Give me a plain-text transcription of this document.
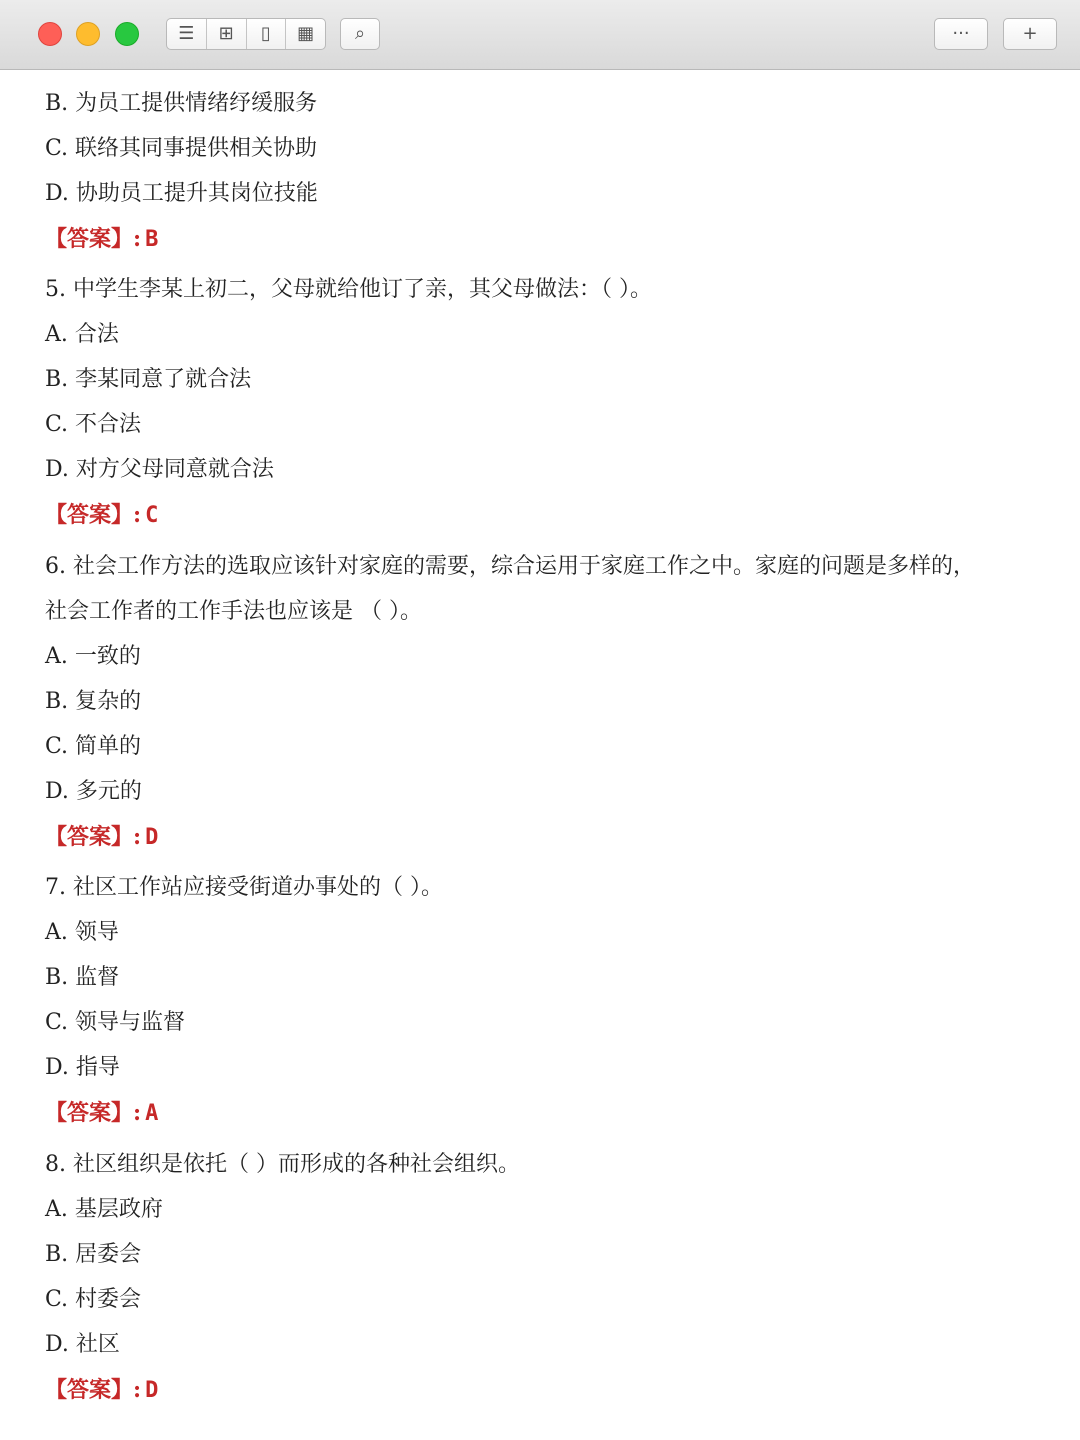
☰ ⊞ ▯ ▦ ⌕	···	+
B. 为员工提供情绪纾缓服务
C. 联络其同事提供相关协助
D. 协助员工提升其岗位技能
【答案】: B
5. 中学生李某上初二，父母就给他订了亲，其父母做法：（ ）。
A. 合法
B. 李某同意了就合法
C. 不合法
D. 对方父母同意就合法
【答案】: C
6. 社会工作方法的选取应该针对家庭的需要，综合运用于家庭工作之中。家庭的问题是多样的，
社会工作者的工作手法也应该是 （ ）。
A. 一致的
B. 复杂的
C. 简单的
D. 多元的
【答案】: D
7. 社区工作站应接受街道办事处的（ ）。
A. 领导
B. 监督
C. 领导与监督
D. 指导
【答案】: A
8. 社区组织是依托（ ）而形成的各种社会组织。
A. 基层政府
B. 居委会
C. 村委会
D. 社区
【答案】: D
